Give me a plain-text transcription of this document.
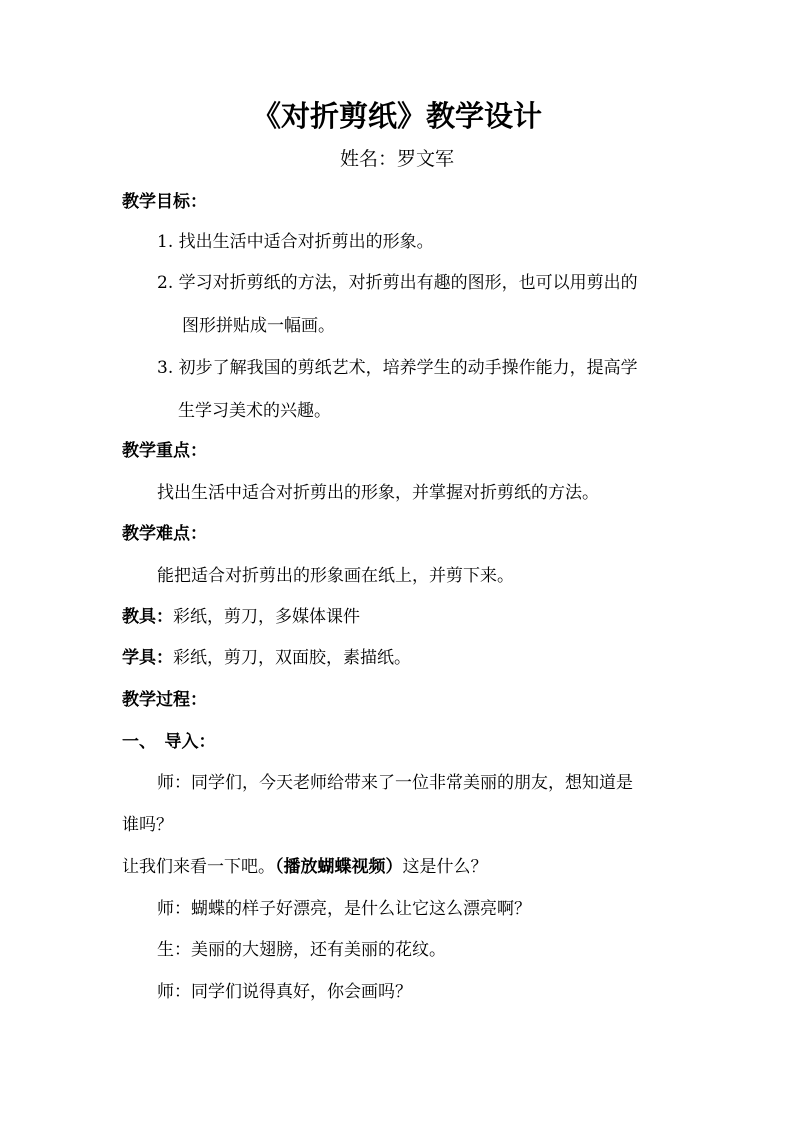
《对折剪纸》教学设计
姓名：罗文军
教学目标：
1. 找出生活中适合对折剪出的形象。
2. 学习对折剪纸的方法，对折剪出有趣的图形，也可以用剪出的
图形拼贴成一幅画。
3. 初步了解我国的剪纸艺术，培养学生的动手操作能力，提高学
生学习美术的兴趣。
教学重点：
找出生活中适合对折剪出的形象，并掌握对折剪纸的方法。
教学难点：
能把适合对折剪出的形象画在纸上，并剪下来。
教具：彩纸，剪刀，多媒体课件
学具：彩纸，剪刀，双面胶，素描纸。
教学过程：
一、　导入：
师：同学们，今天老师给带来了一位非常美丽的朋友，想知道是
谁吗？
让我们来看一下吧。（播放蝴蝶视频）这是什么？
师：蝴蝶的样子好漂亮，是什么让它这么漂亮啊？
生：美丽的大翅膀，还有美丽的花纹。
师：同学们说得真好，你会画吗？
